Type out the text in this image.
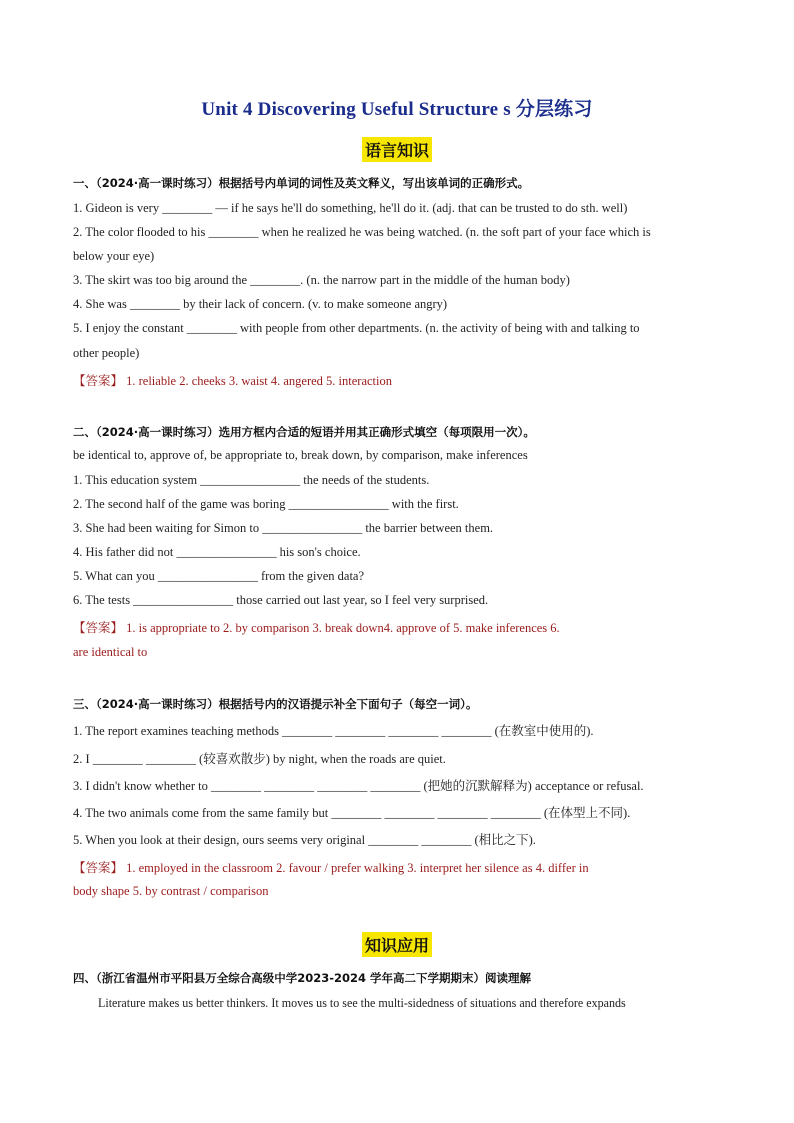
Unit 4 Discovering Useful Structure s 分层练习
语言知识
一、（2024·高一课时练习）根据括号内单词的词性及英文释义，写出该单词的正确形式。
1. Gideon is very ________ — if he says he'll do something, he'll do it. (adj. that can be trusted to do sth. well)
2. The color flooded to his ________ when he realized he was being watched. (n. the soft part of your face which is
below your eye)
3. The skirt was too big around the ________. (n. the narrow part in the middle of the human body)
4. She was ________ by their lack of concern. (v. to make someone angry)
5. I enjoy the constant ________ with people from other departments. (n. the activity of being with and talking to
other people)
【答案】 1. reliable 2. cheeks 3. waist 4. angered 5. interaction
二、（2024·高一课时练习）选用方框内合适的短语并用其正确形式填空（每项限用一次）。
be identical to, approve of, be appropriate to, break down, by comparison, make inferences
1. This education system ________________ the needs of the students.
2. The second half of the game was boring ________________ with the first.
3. She had been waiting for Simon to ________________ the barrier between them.
4. His father did not ________________ his son's choice.
5. What can you ________________ from the given data?
6. The tests ________________ those carried out last year, so I feel very surprised.
【答案】 1. is appropriate to 2. by comparison 3. break down4. approve of 5. make inferences 6.
are identical to
三、（2024·高一课时练习）根据括号内的汉语提示补全下面句子（每空一词）。
1. The report examines teaching methods ________ ________ ________ ________ (在教室中使用的).
2. I ________ ________ (较喜欢散步) by night, when the roads are quiet.
3. I didn't know whether to ________ ________ ________ ________ (把她的沉默解释为) acceptance or refusal.
4. The two animals come from the same family but ________ ________ ________ ________ (在体型上不同).
5. When you look at their design, ours seems very original ________ ________ (相比之下).
【答案】 1. employed in the classroom 2. favour / prefer walking 3. interpret her silence as 4. differ in
body shape 5. by contrast / comparison
知识应用
四、（浙江省温州市平阳县万全综合高级中学2023-2024 学年高二下学期期末）阅读理解
Literature makes us better thinkers. It moves us to see the multi-sidedness of situations and therefore expands
